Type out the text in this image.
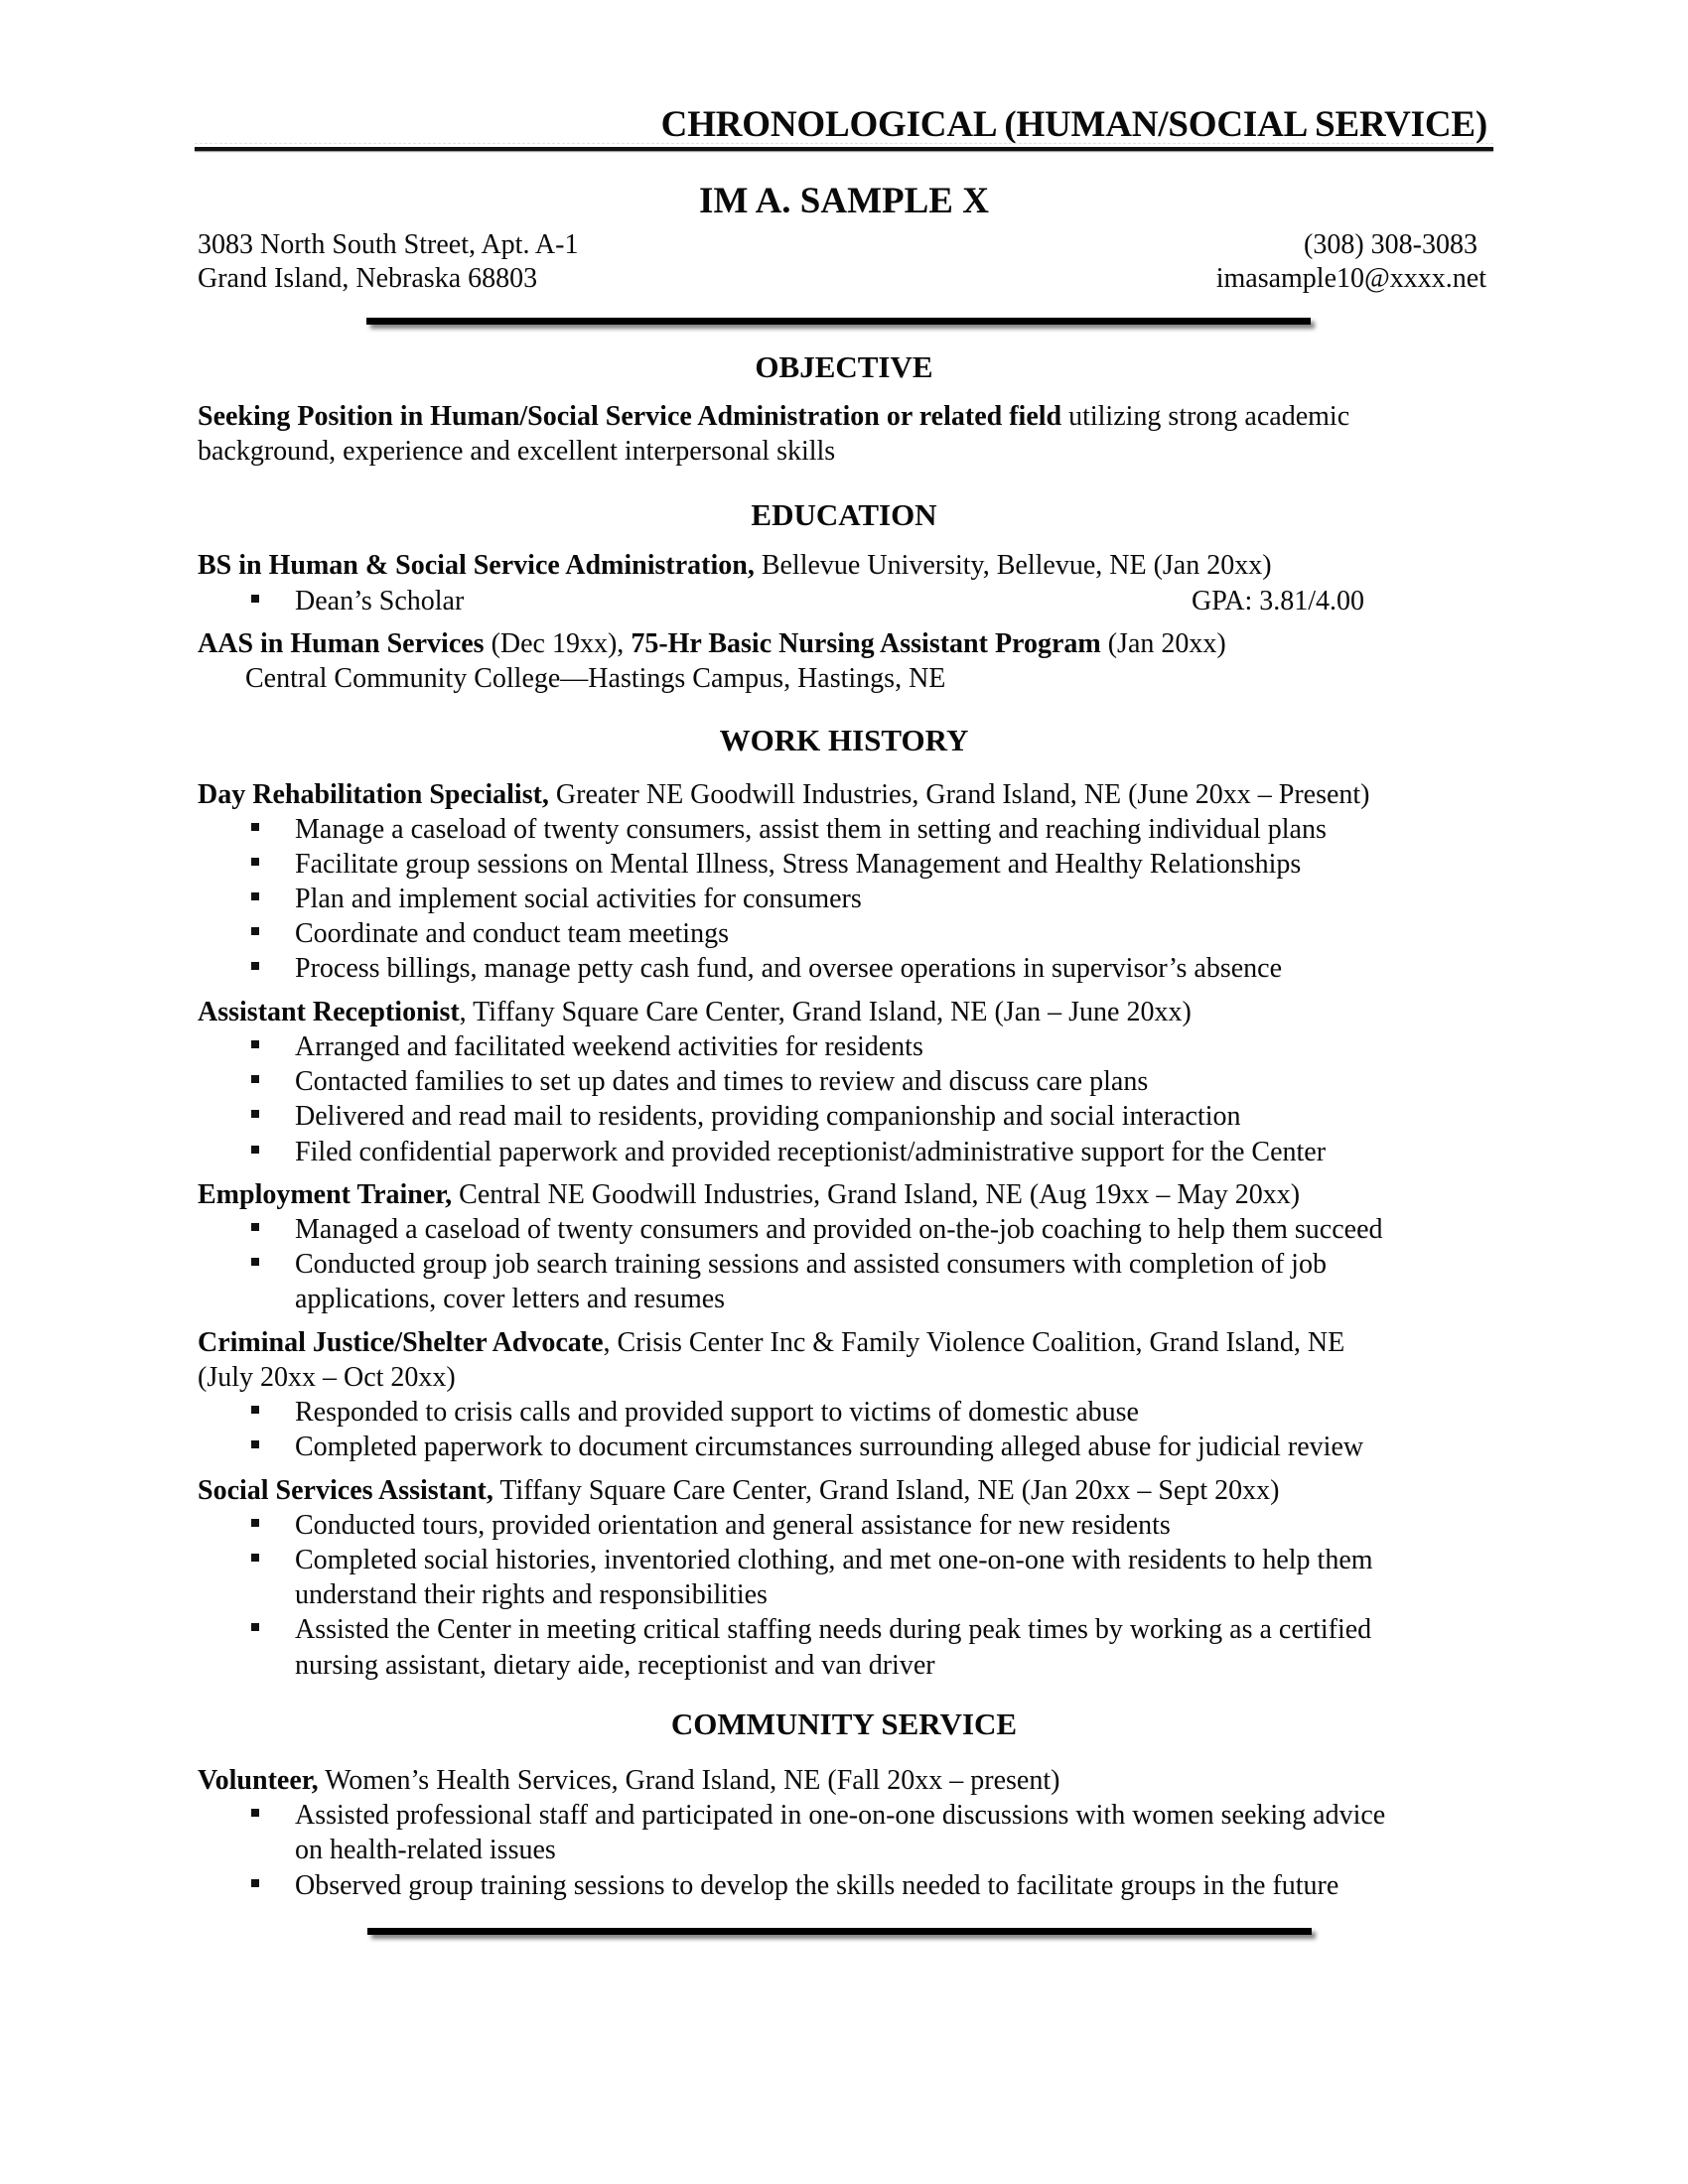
CHRONOLOGICAL (HUMAN/SOCIAL SERVICE)
IM A. SAMPLE X
3083 North South Street, Apt. A-1
Grand Island, Nebraska 68803
(308) 308-3083
imasample10@xxxx.net
OBJECTIVE
Seeking Position in Human/Social Service Administration or related field utilizing strong academic
background, experience and excellent interpersonal skills
EDUCATION
BS in Human & Social Service Administration, Bellevue University, Bellevue, NE (Jan 20xx)
Dean’s Scholar	GPA: 3.81/4.00
AAS in Human Services (Dec 19xx), 75-Hr Basic Nursing Assistant Program (Jan 20xx)
Central Community College—Hastings Campus, Hastings, NE
WORK HISTORY
Day Rehabilitation Specialist, Greater NE Goodwill Industries, Grand Island, NE (June 20xx – Present)
Manage a caseload of twenty consumers, assist them in setting and reaching individual plans
Facilitate group sessions on Mental Illness, Stress Management and Healthy Relationships
Plan and implement social activities for consumers
Coordinate and conduct team meetings
Process billings, manage petty cash fund, and oversee operations in supervisor’s absence
Assistant Receptionist, Tiffany Square Care Center, Grand Island, NE (Jan – June 20xx)
Arranged and facilitated weekend activities for residents
Contacted families to set up dates and times to review and discuss care plans
Delivered and read mail to residents, providing companionship and social interaction
Filed confidential paperwork and provided receptionist/administrative support for the Center
Employment Trainer, Central NE Goodwill Industries, Grand Island, NE (Aug 19xx – May 20xx)
Managed a caseload of twenty consumers and provided on-the-job coaching to help them succeed
Conducted group job search training sessions and assisted consumers with completion of job
applications, cover letters and resumes
Criminal Justice/Shelter Advocate, Crisis Center Inc & Family Violence Coalition, Grand Island, NE
(July 20xx – Oct 20xx)
Responded to crisis calls and provided support to victims of domestic abuse
Completed paperwork to document circumstances surrounding alleged abuse for judicial review
Social Services Assistant, Tiffany Square Care Center, Grand Island, NE (Jan 20xx – Sept 20xx)
Conducted tours, provided orientation and general assistance for new residents
Completed social histories, inventoried clothing, and met one-on-one with residents to help them
understand their rights and responsibilities
Assisted the Center in meeting critical staffing needs during peak times by working as a certified
nursing assistant, dietary aide, receptionist and van driver
COMMUNITY SERVICE
Volunteer, Women’s Health Services, Grand Island, NE (Fall 20xx – present)
Assisted professional staff and participated in one-on-one discussions with women seeking advice
on health-related issues
Observed group training sessions to develop the skills needed to facilitate groups in the future
